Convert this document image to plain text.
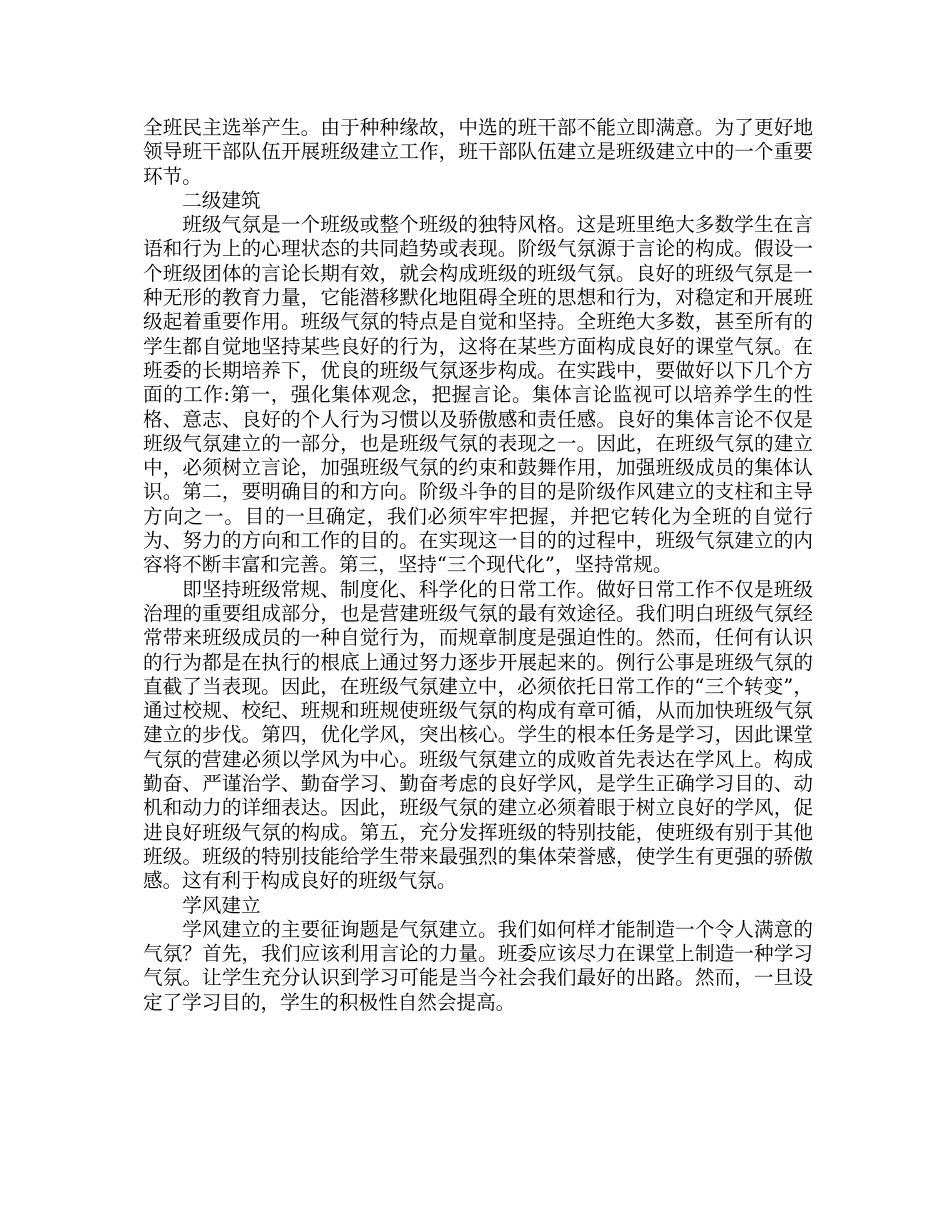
全班民主选举产生。由于种种缘故，中选的班干部不能立即满意。为了更好地领导班干部队伍开展班级建立工作，班干部队伍建立是班级建立中的一个重要环节。

二级建筑

班级气氛是一个班级或整个班级的独特风格。这是班里绝大多数学生在言语和行为上的心理状态的共同趋势或表现。阶级气氛源于言论的构成。假设一个班级团体的言论长期有效，就会构成班级的班级气氛。良好的班级气氛是一种无形的教育力量，它能潜移默化地阻碍全班的思想和行为，对稳定和开展班级起着重要作用。班级气氛的特点是自觉和坚持。全班绝大多数，甚至所有的学生都自觉地坚持某些良好的行为，这将在某些方面构成良好的课堂气氛。在班委的长期培养下，优良的班级气氛逐步构成。在实践中，要做好以下几个方面的工作:第一，强化集体观念，把握言论。集体言论监视可以培养学生的性格、意志、良好的个人行为习惯以及骄傲感和责任感。良好的集体言论不仅是班级气氛建立的一部分，也是班级气氛的表现之一。因此，在班级气氛的建立中，必须树立言论，加强班级气氛的约束和鼓舞作用，加强班级成员的集体认识。第二，要明确目的和方向。阶级斗争的目的是阶级作风建立的支柱和主导方向之一。目的一旦确定，我们必须牢牢把握，并把它转化为全班的自觉行为、努力的方向和工作的目的。在实现这一目的的过程中，班级气氛建立的内容将不断丰富和完善。第三，坚持“三个现代化”，坚持常规。

即坚持班级常规、制度化、科学化的日常工作。做好日常工作不仅是班级治理的重要组成部分，也是营建班级气氛的最有效途径。我们明白班级气氛经常带来班级成员的一种自觉行为，而规章制度是强迫性的。然而，任何有认识的行为都是在执行的根底上通过努力逐步开展起来的。例行公事是班级气氛的直截了当表现。因此，在班级气氛建立中，必须依托日常工作的“三个转变”，通过校规、校纪、班规和班规使班级气氛的构成有章可循，从而加快班级气氛建立的步伐。第四，优化学风，突出核心。学生的根本任务是学习，因此课堂气氛的营建必须以学风为中心。班级气氛建立的成败首先表达在学风上。构成勤奋、严谨治学、勤奋学习、勤奋考虑的良好学风，是学生正确学习目的、动机和动力的详细表达。因此，班级气氛的建立必须着眼于树立良好的学风，促进良好班级气氛的构成。第五，充分发挥班级的特别技能，使班级有别于其他班级。班级的特别技能给学生带来最强烈的集体荣誉感，使学生有更强的骄傲感。这有利于构成良好的班级气氛。

学风建立

学风建立的主要征询题是气氛建立。我们如何样才能制造一个令人满意的气氛？首先，我们应该利用言论的力量。班委应该尽力在课堂上制造一种学习气氛。让学生充分认识到学习可能是当今社会我们最好的出路。然而，一旦设定了学习目的，学生的积极性自然会提高。
